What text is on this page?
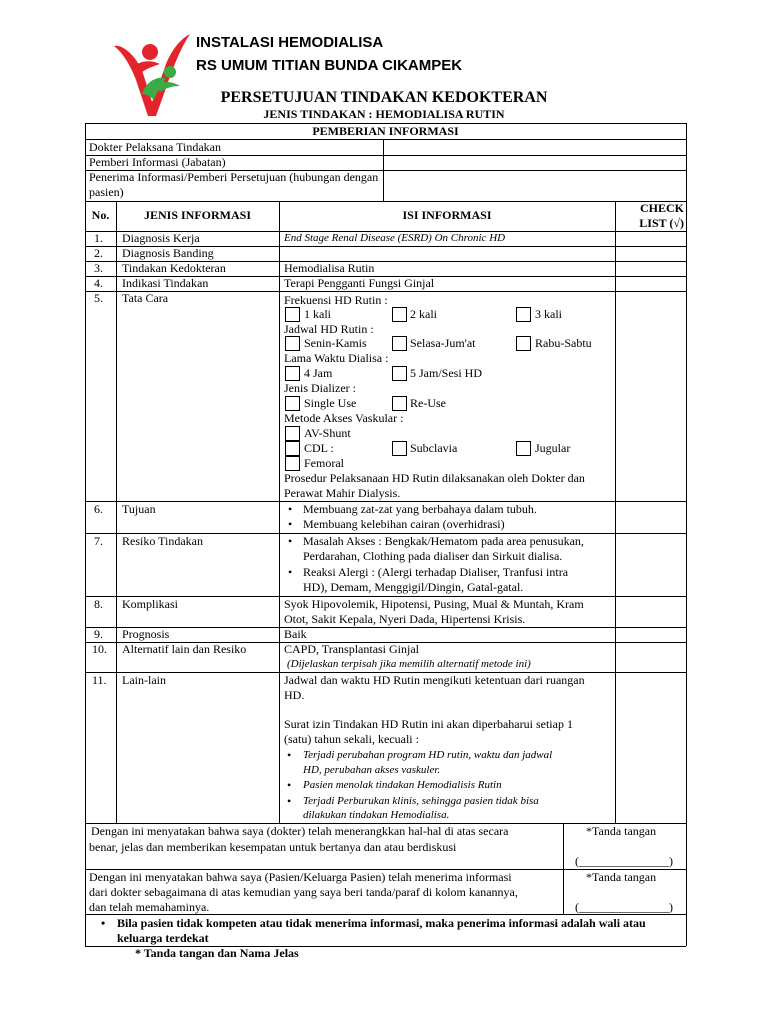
INSTALASI HEMODIALISA
RS UMUM TITIAN BUNDA CIKAMPEK
PERSETUJUAN TINDAKAN KEDOKTERAN
JENIS TINDAKAN : HEMODIALISA RUTIN
PEMBERIAN INFORMASI
Dokter Pelaksana Tindakan
Pemberi Informasi (Jabatan)
Penerima Informasi/Pemberi Persetujuan (hubungan dengan pasien)
No.	JENIS INFORMASI	ISI INFORMASI	CHECK LIST (√)
1. Diagnosis Kerja	End Stage Renal Disease (ESRD) On Chronic HD
2. Diagnosis Banding
3. Tindakan Kedokteran	Hemodialisa Rutin
4. Indikasi Tindakan	Terapi Pengganti Fungsi Ginjal
5. Tata Cara	Frekuensi HD Rutin :
1 kali	2 kali	3 kali
Jadwal HD Rutin :
Senin-Kamis	Selasa-Jum'at	Rabu-Sabtu
Lama Waktu Dialisa :
4 Jam	5 Jam/Sesi HD
Jenis Dializer :
Single Use	Re-Use
Metode Akses Vaskular :
AV-Shunt
CDL :	Subclavia	Jugular
Femoral
Prosedur Pelaksanaan HD Rutin dilaksanakan oleh Dokter dan Perawat Mahir Dialysis.
6. Tujuan	• Membuang zat-zat yang berbahaya dalam tubuh.
• Membuang kelebihan cairan (overhidrasi)
7. Resiko Tindakan	• Masalah Akses : Bengkak/Hematom pada area penusukan,
Perdarahan, Clothing pada dialiser dan Sirkuit dialisa.
• Reaksi Alergi : (Alergi terhadap Dialiser, Tranfusi intra
HD), Demam, Menggigil/Dingin, Gatal-gatal.
8. Komplikasi	Syok Hipovolemik, Hipotensi, Pusing, Mual & Muntah, Kram
Otot, Sakit Kepala, Nyeri Dada, Hipertensi Krisis.
9. Prognosis	Baik
10. Alternatif lain dan Resiko	CAPD, Transplantasi Ginjal
(Dijelaskan terpisah jika memilih alternatif metode ini)
11. Lain-lain	Jadwal dan waktu HD Rutin mengikuti ketentuan dari ruangan
HD.
Surat izin Tindakan HD Rutin ini akan diperbaharui setiap 1
(satu) tahun sekali, kecuali :
• Terjadi perubahan program HD rutin, waktu dan jadwal
HD, perubahan akses vaskuler.
• Pasien menolak tindakan Hemodialisis Rutin
• Terjadi Perburukan klinis, sehingga pasien tidak bisa
dilakukan tindakan Hemodialisa.
Dengan ini menyatakan bahwa saya (dokter) telah menerangkkan hal-hal di atas secara
benar, jelas dan memberikan kesempatan untuk bertanya dan atau berdiskusi
*Tanda tangan
(_______________)
Dengan ini menyatakan bahwa saya (Pasien/Keluarga Pasien) telah menerima informasi
dari dokter sebagaimana di atas kemudian yang saya beri tanda/paraf di kolom kanannya,
dan telah memahaminya.
*Tanda tangan
(_______________)
• Bila pasien tidak kompeten atau tidak menerima informasi, maka penerima informasi adalah wali atau
keluarga terdekat
* Tanda tangan dan Nama Jelas
